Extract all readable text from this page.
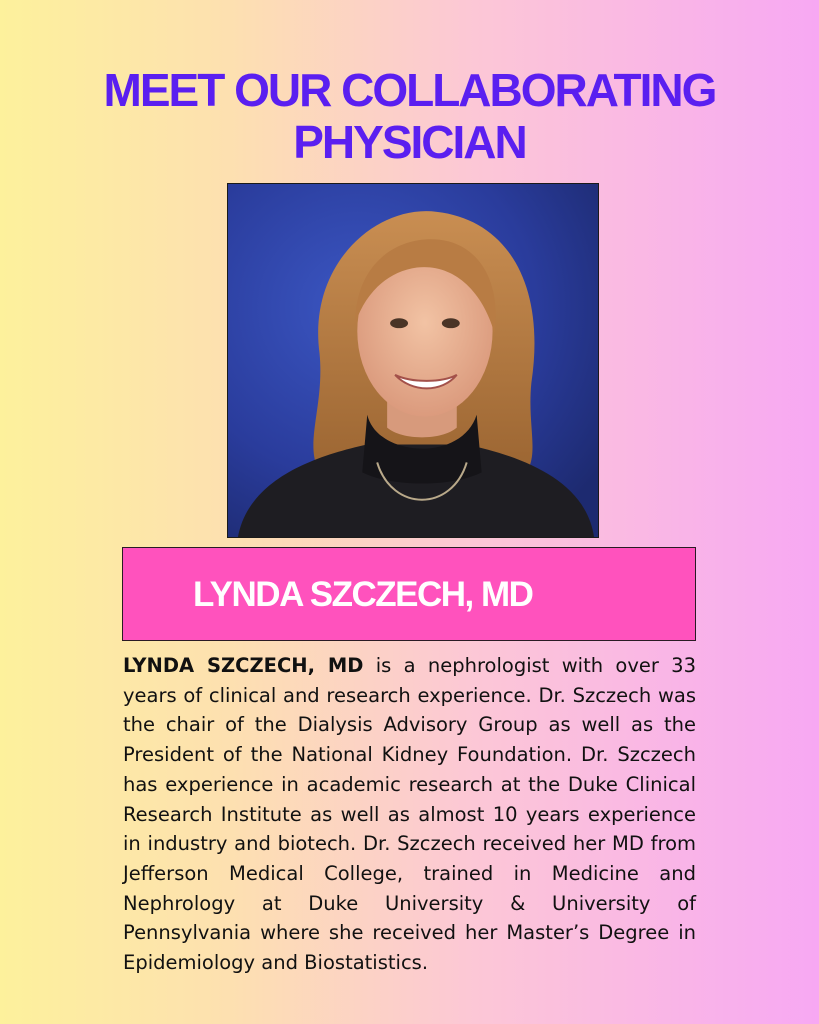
MEET OUR COLLABORATING
PHYSICIAN
LYNDA SZCZECH, MD

LYNDA SZCZECH, MD is a nephrologist with over 33 years of clinical and research experience. Dr. Szczech was the chair of the Dialysis Advisory Group as well as the President of the National Kidney Foundation. Dr. Szczech has experience in academic research at the Duke Clinical Research Institute as well as almost 10 years experience in industry and biotech. Dr. Szczech received her MD from Jefferson Medical College, trained in Medicine and Nephrology at Duke University & University of Pennsylvania where she received her Master’s Degree in Epidemiology and Biostatistics.
